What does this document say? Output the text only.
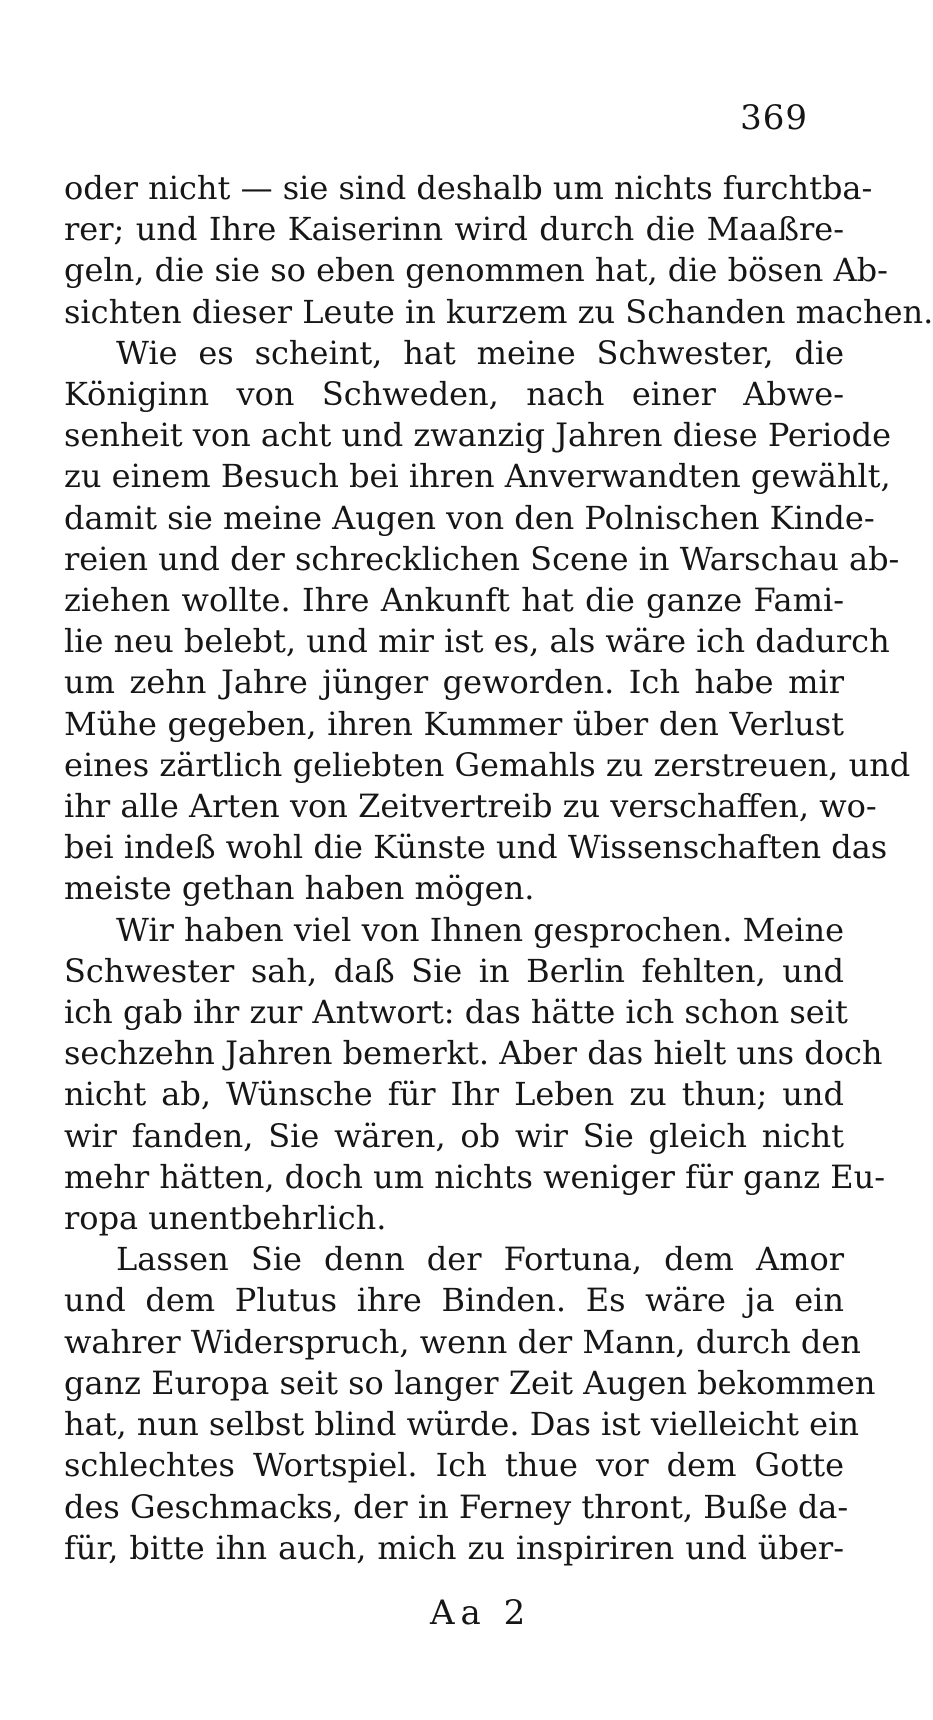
369
oder nicht — sie sind deshalb um nichts furchtba-
rer; und Ihre Kaiserinn wird durch die Maaßre-
geln, die sie so eben genommen hat, die bösen Ab-
sichten dieser Leute in kurzem zu Schanden machen.
Wie es scheint, hat meine Schwester, die
Königinn von Schweden, nach einer Abwe-
senheit von acht und zwanzig Jahren diese Periode
zu einem Besuch bei ihren Anverwandten gewählt,
damit sie meine Augen von den Polnischen Kinde-
reien und der schrecklichen Scene in Warschau ab-
ziehen wollte. Ihre Ankunft hat die ganze Fami-
lie neu belebt, und mir ist es, als wäre ich dadurch
um zehn Jahre jünger geworden. Ich habe mir
Mühe gegeben, ihren Kummer über den Verlust
eines zärtlich geliebten Gemahls zu zerstreuen, und
ihr alle Arten von Zeitvertreib zu verschaffen, wo-
bei indeß wohl die Künste und Wissenschaften das
meiste gethan haben mögen.
Wir haben viel von Ihnen gesprochen. Meine
Schwester sah, daß Sie in Berlin fehlten, und
ich gab ihr zur Antwort: das hätte ich schon seit
sechzehn Jahren bemerkt. Aber das hielt uns doch
nicht ab, Wünsche für Ihr Leben zu thun; und
wir fanden, Sie wären, ob wir Sie gleich nicht
mehr hätten, doch um nichts weniger für ganz Eu-
ropa unentbehrlich.
Lassen Sie denn der Fortuna, dem Amor
und dem Plutus ihre Binden. Es wäre ja ein
wahrer Widerspruch, wenn der Mann, durch den
ganz Europa seit so langer Zeit Augen bekommen
hat, nun selbst blind würde. Das ist vielleicht ein
schlechtes Wortspiel. Ich thue vor dem Gotte
des Geschmacks, der in Ferney thront, Buße da-
für, bitte ihn auch, mich zu inspiriren und über-
Aa 2
